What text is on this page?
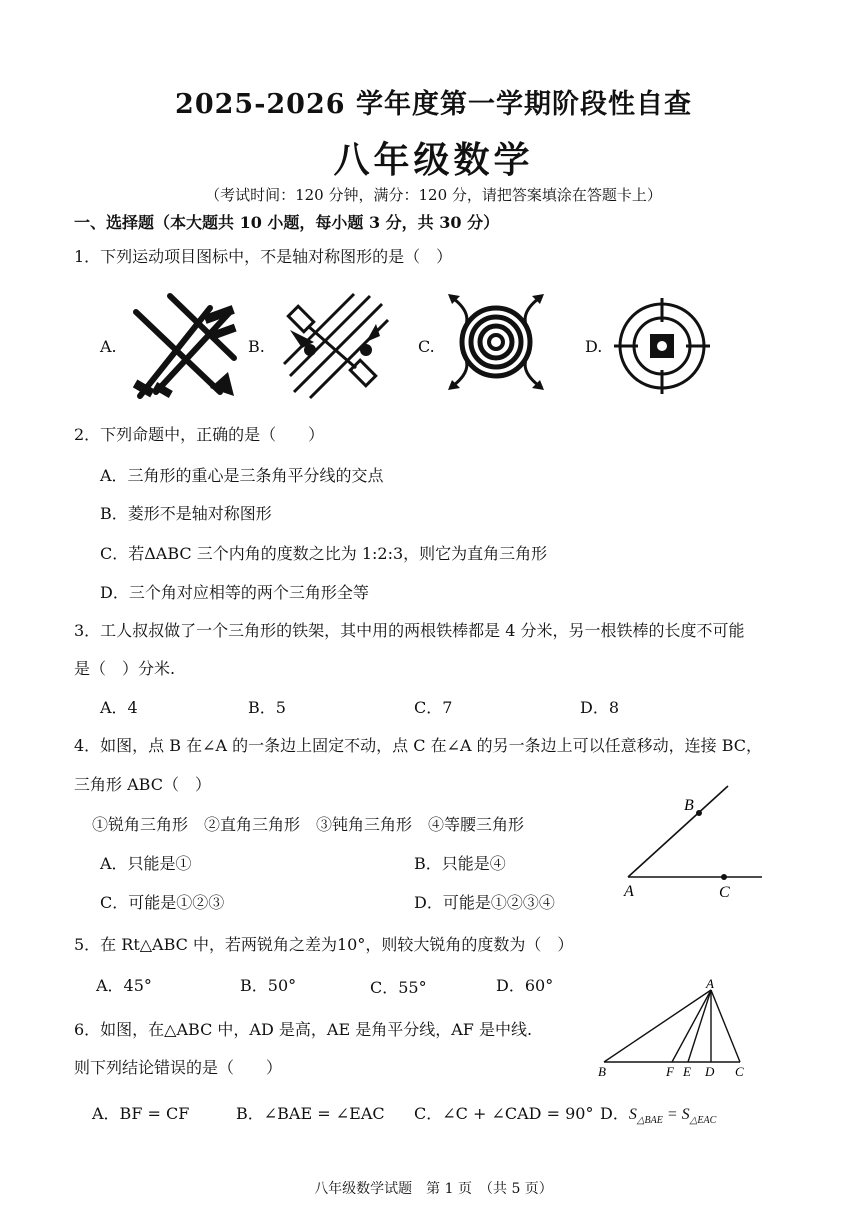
2025-2026 学年度第一学期阶段性自查
八年级数学
（考试时间：120 分钟，满分：120 分，请把答案填涂在答题卡上）
一、选择题（本大题共 10 小题，每小题 3 分，共 30 分）
1．下列运动项目图标中，不是轴对称图形的是（　）
A.	B.	C.	D.
2．下列命题中，正确的是（　　）
A．三角形的重心是三条角平分线的交点
B．菱形不是轴对称图形
C．若ΔABC 三个内角的度数之比为 1:2:3，则它为直角三角形
D．三个角对应相等的两个三角形全等
3．工人叔叔做了一个三角形的铁架，其中用的两根铁棒都是 4 分米，另一根铁棒的长度不可能
是（　）分米.
A．4	B．5	C．7	D．8
4．如图，点 B 在∠A 的一条边上固定不动，点 C 在∠A 的另一条边上可以任意移动，连接 BC，
三角形 ABC（　）
①锐角三角形　②直角三角形　③钝角三角形　④等腰三角形
A．只能是①	B．只能是④
C．可能是①②③	D．可能是①②③④
B
A	C
5．在 Rt△ABC 中，若两锐角之差为10°，则较大锐角的度数为（　）
A．45°	B．50°	C．55°	D．60°
6．如图，在△ABC 中，AD 是高，AE 是角平分线，AF 是中线.
则下列结论错误的是（　　）
A
B	F E D C
A．BF = CF	B．∠BAE = ∠EAC C．∠C + ∠CAD = 90° D．$S_{\triangle BAE} = S_{\triangle EAC}$
八年级数学试题　第 1 页　（共 5 页）
